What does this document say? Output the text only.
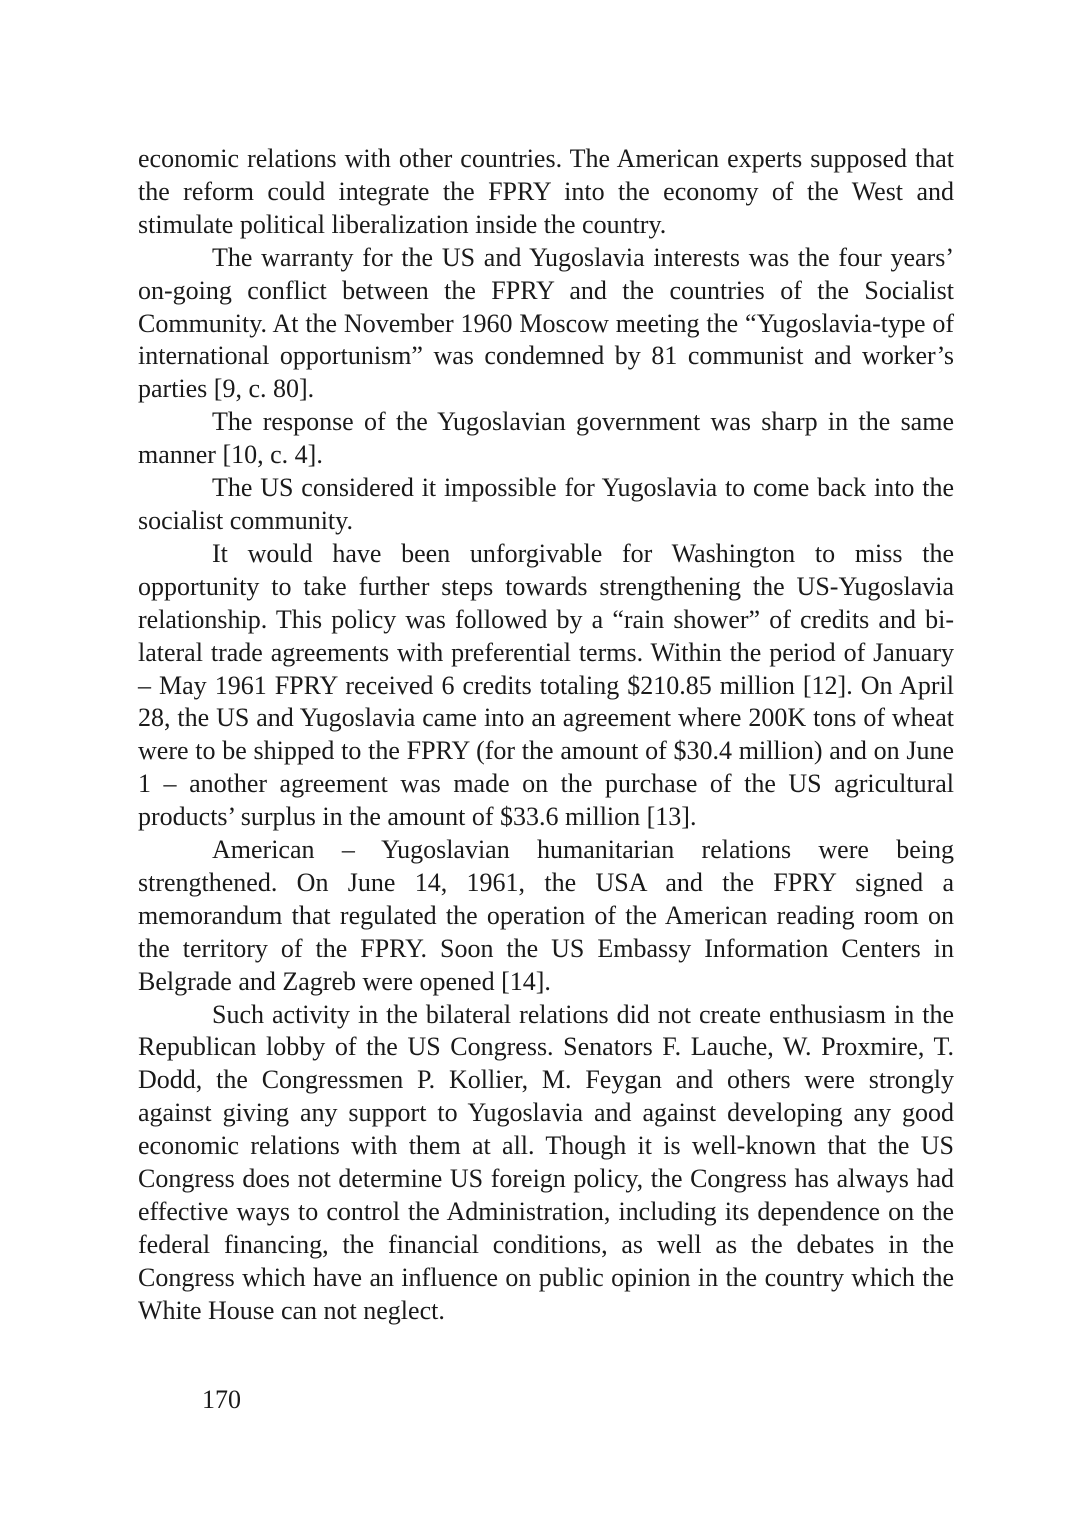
economic relations with other countries. The American experts supposed that the reform could integrate the FPRY into the economy of the West and stimulate political liberalization inside the country.

The warranty for the US and Yugoslavia interests was the four years’ on-going conflict between the FPRY and the countries of the Socialist Community. At the November 1960 Moscow meeting the “Yugoslavia-type of international opportunism” was condemned by 81 communist and worker’s parties [9, c. 80].

The response of the Yugoslavian government was sharp in the same manner [10, c. 4].

The US considered it impossible for Yugoslavia to come back into the socialist community.

It would have been unforgivable for Washington to miss the opportunity to take further steps towards strengthening the US-Yugoslavia relationship. This policy was followed by a “rain shower” of credits and bi-lateral trade agreements with preferential terms. Within the period of January – May 1961 FPRY received 6 credits totaling $210.85 million [12]. On April 28, the US and Yugoslavia came into an agreement where 200K tons of wheat were to be shipped to the FPRY (for the amount of $30.4 million) and on June 1 – another agreement was made on the purchase of the US agricultural products’ surplus in the amount of $33.6 million [13].

American – Yugoslavian humanitarian relations were being strengthened. On June 14, 1961, the USA and the FPRY signed a memorandum that regulated the operation of the American reading room on the territory of the FPRY. Soon the US Embassy Information Centers in Belgrade and Zagreb were opened [14].

Such activity in the bilateral relations did not create enthusiasm in the Republican lobby of the US Congress. Senators F. Lauche, W. Proxmire, T. Dodd, the Congressmen P. Kollier, M. Feygan and others were strongly against giving any support to Yugoslavia and against developing any good economic relations with them at all. Though it is well-known that the US Congress does not determine US foreign policy, the Congress has always had effective ways to control the Administration, including its dependence on the federal financing, the financial conditions, as well as the debates in the Congress which have an influence on public opinion in the country which the White House can not neglect.

170
